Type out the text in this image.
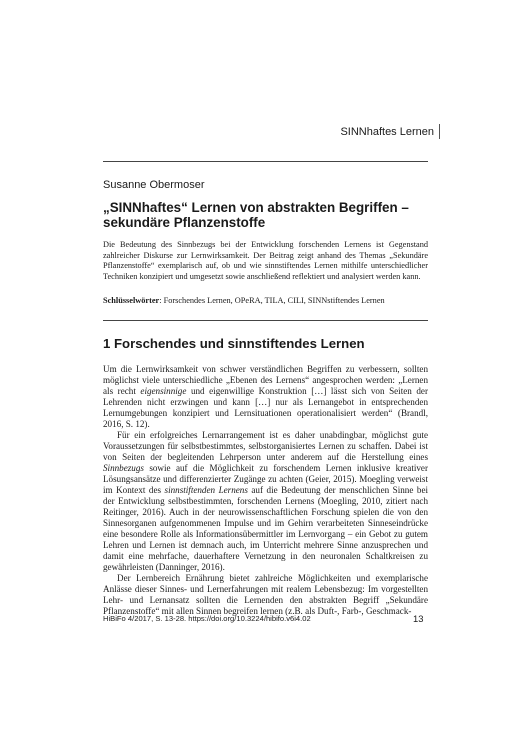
SINNhaftes Lernen
Susanne Obermoser
„SINNhaftes“ Lernen von abstrakten Begriffen –
sekundäre Pflanzenstoffe

Die Bedeutung des Sinnbezugs bei der Entwicklung forschenden Lernens ist Gegenstand zahlreicher Diskurse zur Lernwirksamkeit. Der Beitrag zeigt anhand des Themas „Sekundäre Pflanzenstoffe“ exemplarisch auf, ob und wie sinnstiftendes Lernen mithilfe unterschiedlicher Techniken konzipiert und umgesetzt sowie anschließend reflektiert und analysiert werden kann.

Schlüsselwörter: Forschendes Lernen, OPeRA, TILA, CILI, SINNstiftendes Lernen

1 Forschendes und sinnstiftendes Lernen

Um die Lernwirksamkeit von schwer verständlichen Begriffen zu verbessern, sollten möglichst viele unterschiedliche „Ebenen des Lernens“ angesprochen werden: „Lernen als recht eigensinnige und eigenwillige Konstruktion […] lässt sich von Seiten der Lehrenden nicht erzwingen und kann […] nur als Lernangebot in entsprechenden Lernumgebungen konzipiert und Lernsituationen operationalisiert werden“ (Brandl, 2016, S. 12).

Für ein erfolgreiches Lernarrangement ist es daher unabdingbar, möglichst gute Voraussetzungen für selbstbestimmtes, selbstorganisiertes Lernen zu schaffen. Dabei ist von Seiten der begleitenden Lehrperson unter anderem auf die Herstellung eines Sinnbezugs sowie auf die Möglichkeit zu forschendem Lernen inklusive kreativer Lösungsansätze und differenzierter Zugänge zu achten (Geier, 2015). Moegling verweist im Kontext des sinnstiftenden Lernens auf die Bedeutung der menschlichen Sinne bei der Entwicklung selbstbestimmten, forschenden Lernens (Moegling, 2010, zitiert nach Reitinger, 2016). Auch in der neurowissenschaftlichen Forschung spielen die von den Sinnesorganen aufgenommenen Impulse und im Gehirn verarbeiteten Sinneseindrücke eine besondere Rolle als Informationsübermittler im Lernvorgang – ein Gebot zu gutem Lehren und Lernen ist demnach auch, im Unterricht mehrere Sinne anzusprechen und damit eine mehrfache, dauerhaftere Vernetzung in den neuronalen Schaltkreisen zu gewährleisten (Danninger, 2016).

Der Lernbereich Ernährung bietet zahlreiche Möglichkeiten und exemplarische Anlässe dieser Sinnes- und Lernerfahrungen mit realem Lebensbezug: Im vorgestellten Lehr- und Lernansatz sollten die Lernenden den abstrakten Begriff „Sekundäre Pflanzenstoffe“ mit allen Sinnen begreifen lernen (z.B. als Duft-, Farb-, Geschmack-

HiBiFo 4/2017, S. 13-28. https://doi.org/10.3224/hibifo.v6i4.02	13
